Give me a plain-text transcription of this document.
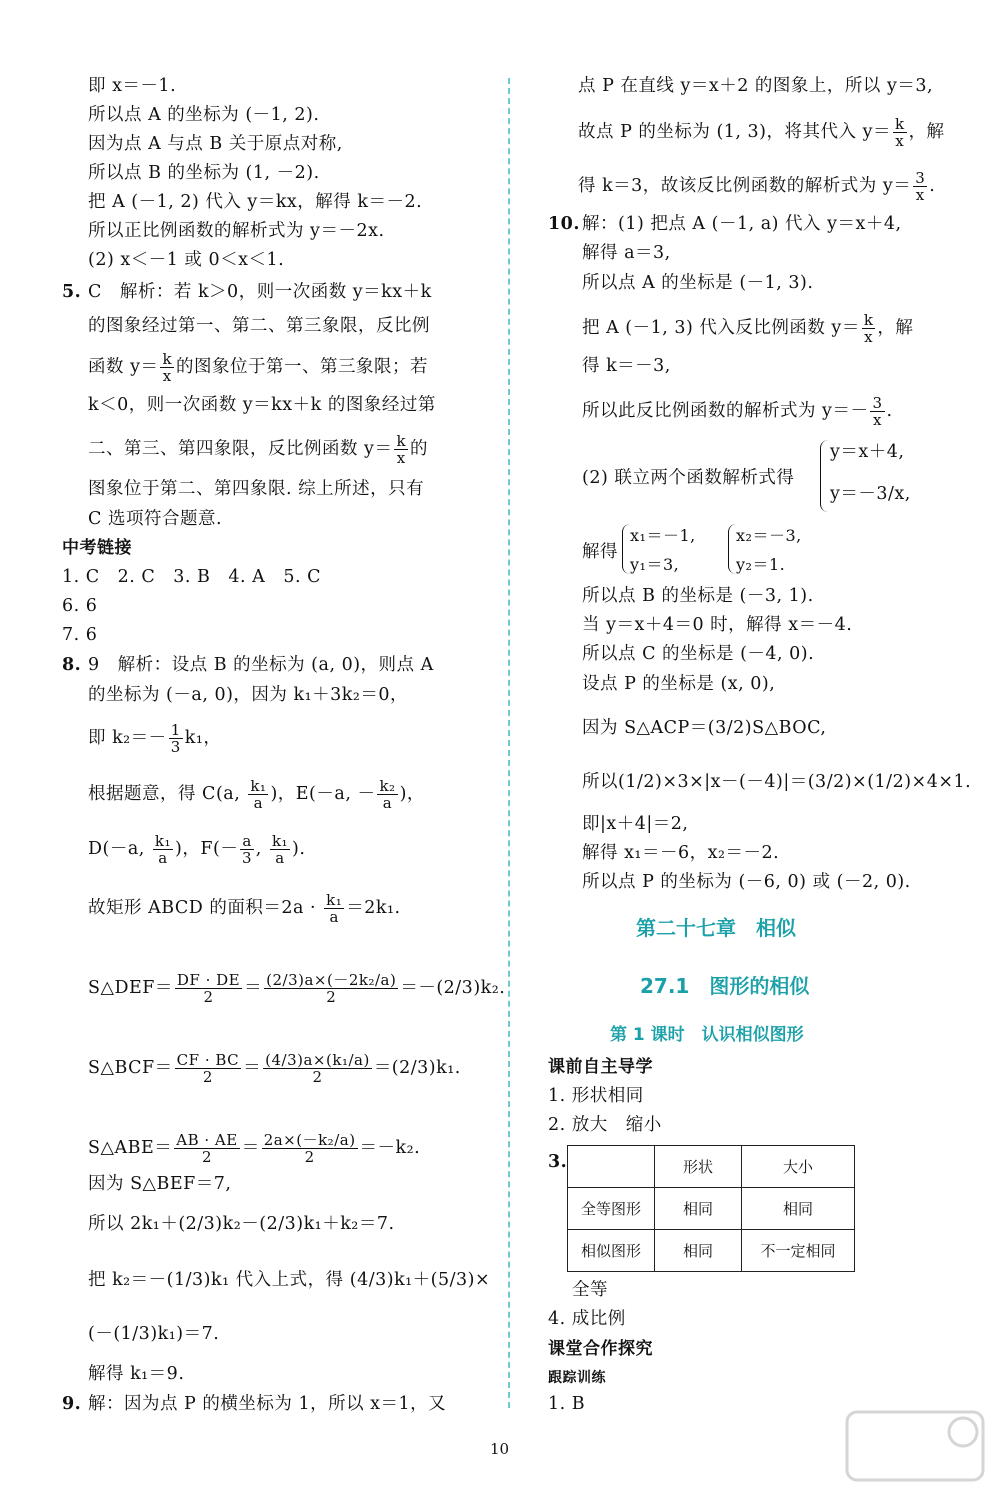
即 x＝－1.
所以点 A 的坐标为 (－1, 2).
因为点 A 与点 B 关于原点对称,
所以点 B 的坐标为 (1, －2).
把 A (－1, 2) 代入 y＝kx，解得 k＝－2.
所以正比例函数的解析式为 y＝－2x.
(2) x＜－1 或 0＜x＜1.
5. C　解析：若 k＞0，则一次函数 y＝kx＋k
的图象经过第一、第二、第三象限，反比例
函数 $y= \frac{k}{x}$ 的图象位于第一、第三象限；若
k＜0，则一次函数 y＝kx＋k 的图象经过第
二、第三、第四象限，反比例函数 $y= \frac{k}{x}$ 的
图象位于第二、第四象限. 综上所述，只有
C 选项符合题意.
中考链接
1. C　2. C　3. B　4. A　5. C
6. 6
7. 6
8. 9　解析：设点 B 的坐标为 (a, 0)，则点 A
的坐标为 (－a, 0)，因为 k₁＋3k₂＝0，
即 $k_2=- \frac{1}{3} k_1$，
根据题意，得 C(a, $\frac{\text{k₁}}{a}$ )，E(－a, － $\frac{\text{k₂}}{a}$ )，
D(－a, $\frac{\text{k₁}}{a}$ )，$F(- \frac{a}{3}$ , $\frac{\text{k₁}}{a}$ ).
故矩形 ABCD 的面积$=2a \cdot \frac{\text{k₁}}{a} =2k_1$.
S△DEF＝ $\frac{DF \cdot DE}{2} = \frac{\text{(2/3)a×(－2k₂/a)}}{2} =-(2/3)k_2$.
S△BCF＝ $\frac{CF \cdot BC}{2} = \frac{\text{(4/3)a×(k₁/a)}}{2} =(2/3)k_1$.
S△ABE＝ $\frac{AB \cdot AE}{2} = \frac{\text{2a×(－k₂/a)}}{2} =-k_2$.
因为 S△BEF＝7,
所以 2k₁＋(2/3)k₂－(2/3)k₁＋k₂＝7.
把 k₂＝－(1/3)k₁ 代入上式，得 (4/3)k₁＋(5/3)×
(－(1/3)k₁)＝7.
解得 k₁＝9.
9. 解：因为点 P 的横坐标为 1，所以 x＝1，又
点 P 在直线 y＝x＋2 的图象上，所以 y＝3,
故点 P 的坐标为 (1, 3)，将其代入 $y= \frac{k}{x}$ ，解
得 k＝3，故该反比例函数的解析式为 $y= \frac{3}{x}$ .
10. 解：(1) 把点 A (－1, a) 代入 y＝x＋4,
解得 a＝3,
所以点 A 的坐标是 (－1, 3).
把 A (－1, 3) 代入反比例函数 $y= \frac{k}{x}$ ，解
得 k＝－3,
所以此反比例函数的解析式为 $y=- \frac{3}{x}$ .
(2) 联立两个函数解析式得
y＝x＋4,
y＝－3/x,
解得
x₁＝－1,
y₁＝3,
x₂＝－3,
y₂＝1.
所以点 B 的坐标是 (－3, 1).
当 y＝x＋4＝0 时，解得 x＝－4.
所以点 C 的坐标是 (－4, 0).
设点 P 的坐标是 (x, 0),
因为 S△ACP＝(3/2)S△BOC,
所以(1/2)×3×|x－(－4)|＝(3/2)×(1/2)×4×1.
即|x＋4|＝2,
解得 x₁＝－6，x₂＝－2.
所以点 P 的坐标为 (－6, 0) 或 (－2, 0).
第二十七章　相似
27.1　图形的相似
第 1 课时　认识相似图形
课前自主导学
1. 形状相同
2. 放大　缩小
3.
		形状	大小
全等图形	相同	相同
相似图形	相同	不一定相同
全等
4. 成比例
课堂合作探究
跟踪训练
1. B
10
